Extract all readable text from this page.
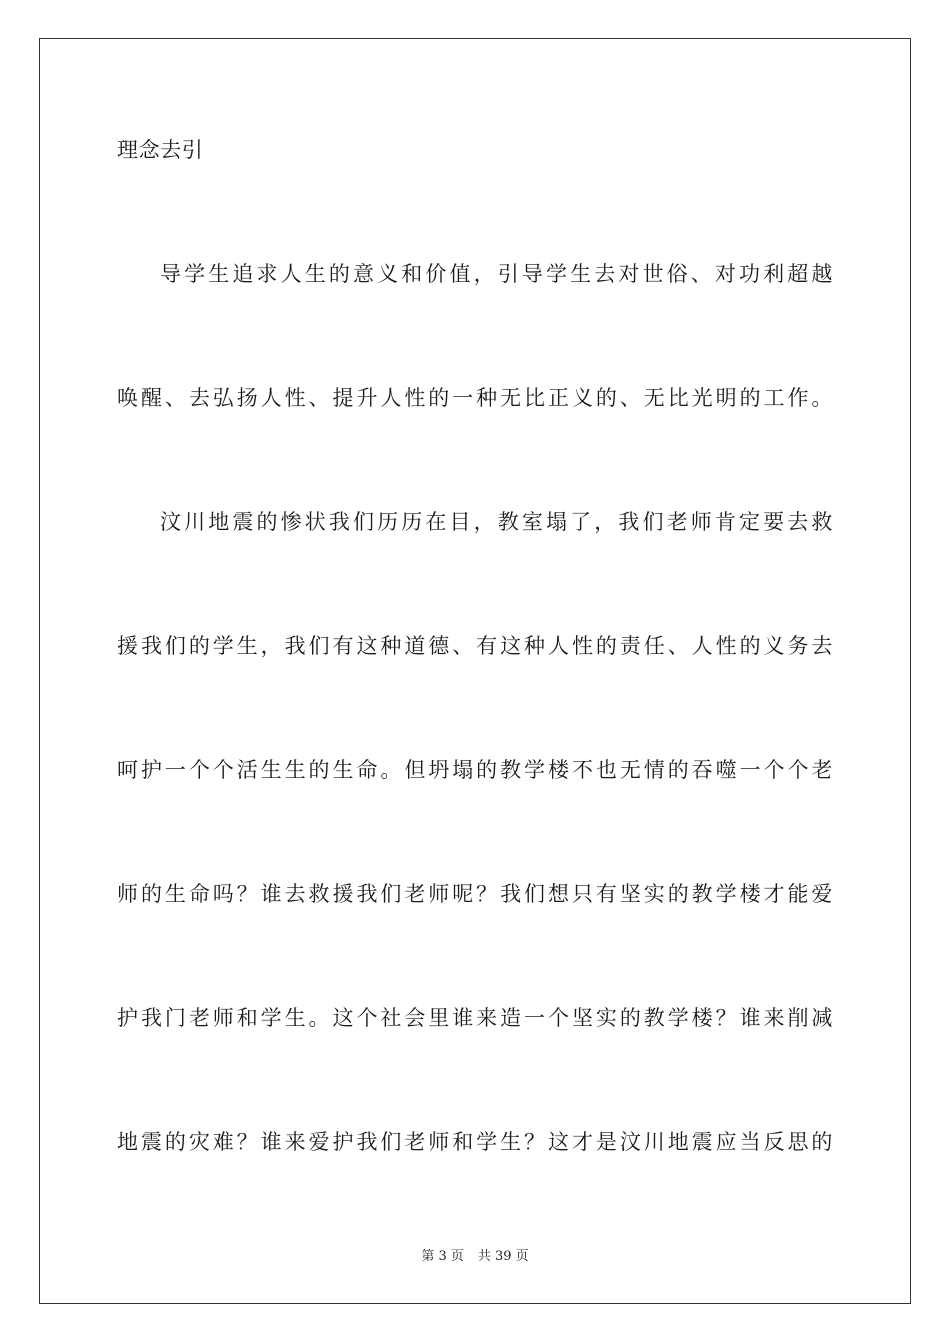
理念去引
导学生追求人生的意义和价值，引导学生去对世俗、对功利超越
唤醒、去弘扬人性、提升人性的一种无比正义的、无比光明的工作。
汶川地震的惨状我们历历在目，教室塌了，我们老师肯定要去救
援我们的学生，我们有这种道德、有这种人性的责任、人性的义务去
呵护一个个活生生的生命。但坍塌的教学楼不也无情的吞噬一个个老
师的生命吗？谁去救援我们老师呢？我们想只有坚实的教学楼才能爱
护我门老师和学生。这个社会里谁来造一个坚实的教学楼？谁来削减
地震的灾难？谁来爱护我们老师和学生？这才是汶川地震应当反思的
第 3 页 共 39 页
